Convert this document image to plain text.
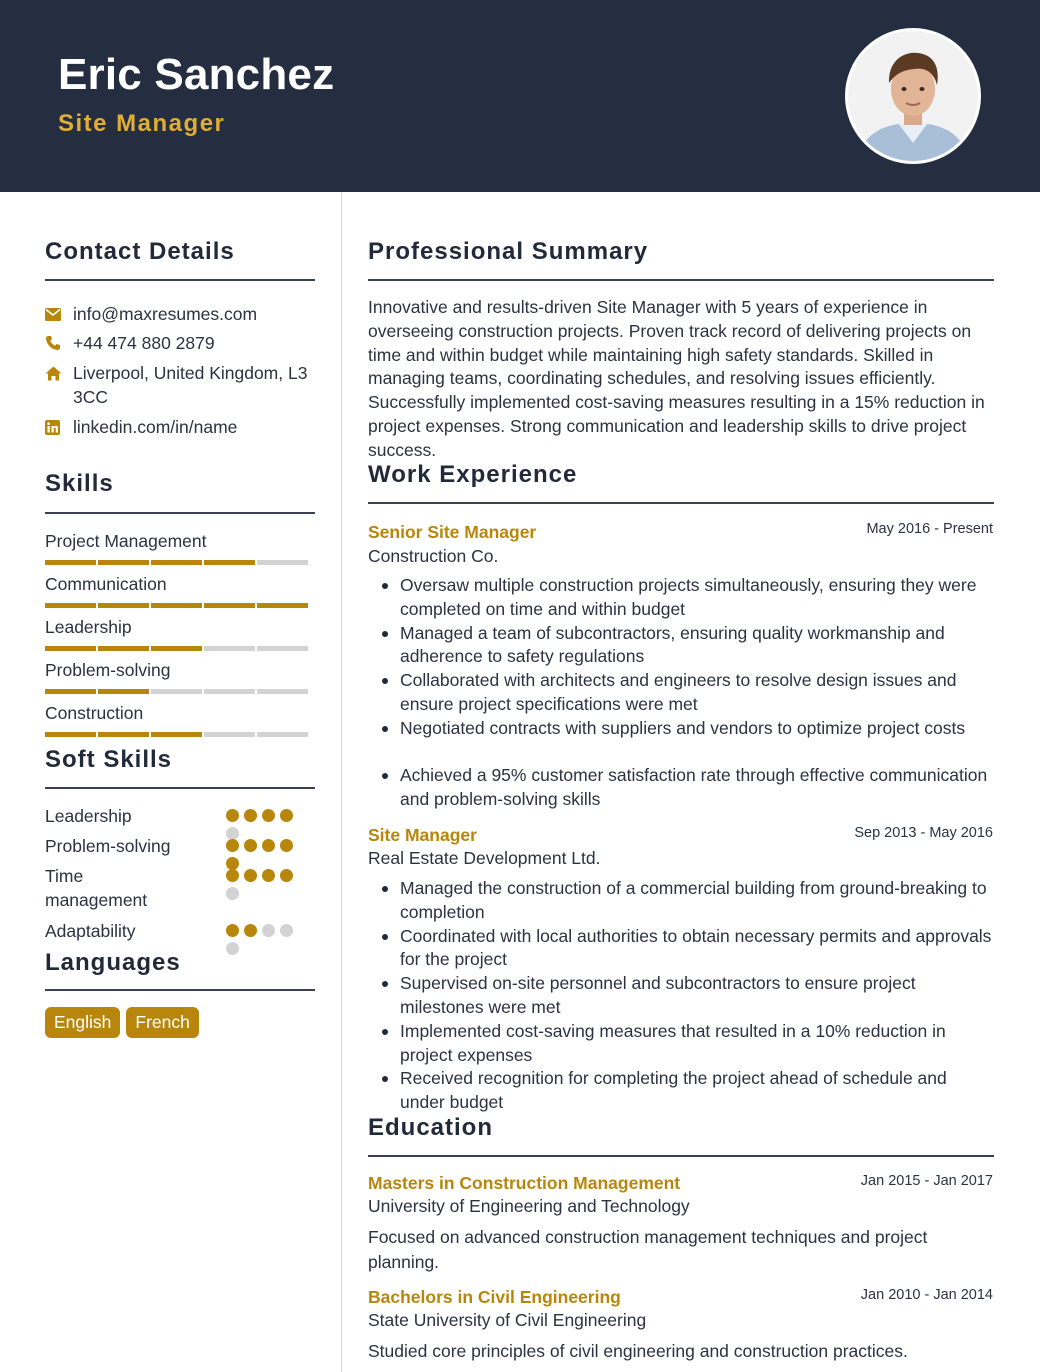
Eric Sanchez
Site Manager
Contact Details
info@maxresumes.com
+44 474 880 2879
Liverpool, United Kingdom, L3 3CC
linkedin.com/in/name
Skills
Project Management
Communication
Leadership
Problem-solving
Construction
Soft Skills
Leadership
Problem-solving
Time management
Adaptability
Languages
English	French
Professional Summary
Innovative and results-driven Site Manager with 5 years of experience in overseeing construction projects. Proven track record of delivering projects on time and within budget while maintaining high safety standards. Skilled in managing teams, coordinating schedules, and resolving issues efficiently. Successfully implemented cost-saving measures resulting in a 15% reduction in project expenses. Strong communication and leadership skills to drive project success.
Work Experience
Senior Site Manager	May 2016 - Present
Construction Co.
Oversaw multiple construction projects simultaneously, ensuring they were completed on time and within budget
Managed a team of subcontractors, ensuring quality workmanship and adherence to safety regulations
Collaborated with architects and engineers to resolve design issues and ensure project specifications were met
Negotiated contracts with suppliers and vendors to optimize project costs
Achieved a 95% customer satisfaction rate through effective communication and problem-solving skills
Site Manager	Sep 2013 - May 2016
Real Estate Development Ltd.
Managed the construction of a commercial building from ground-breaking to completion
Coordinated with local authorities to obtain necessary permits and approvals for the project
Supervised on-site personnel and subcontractors to ensure project milestones were met
Implemented cost-saving measures that resulted in a 10% reduction in project expenses
Received recognition for completing the project ahead of schedule and under budget
Education
Masters in Construction Management	Jan 2015 - Jan 2017
University of Engineering and Technology
Focused on advanced construction management techniques and project planning.
Bachelors in Civil Engineering	Jan 2010 - Jan 2014
State University of Civil Engineering
Studied core principles of civil engineering and construction practices.
